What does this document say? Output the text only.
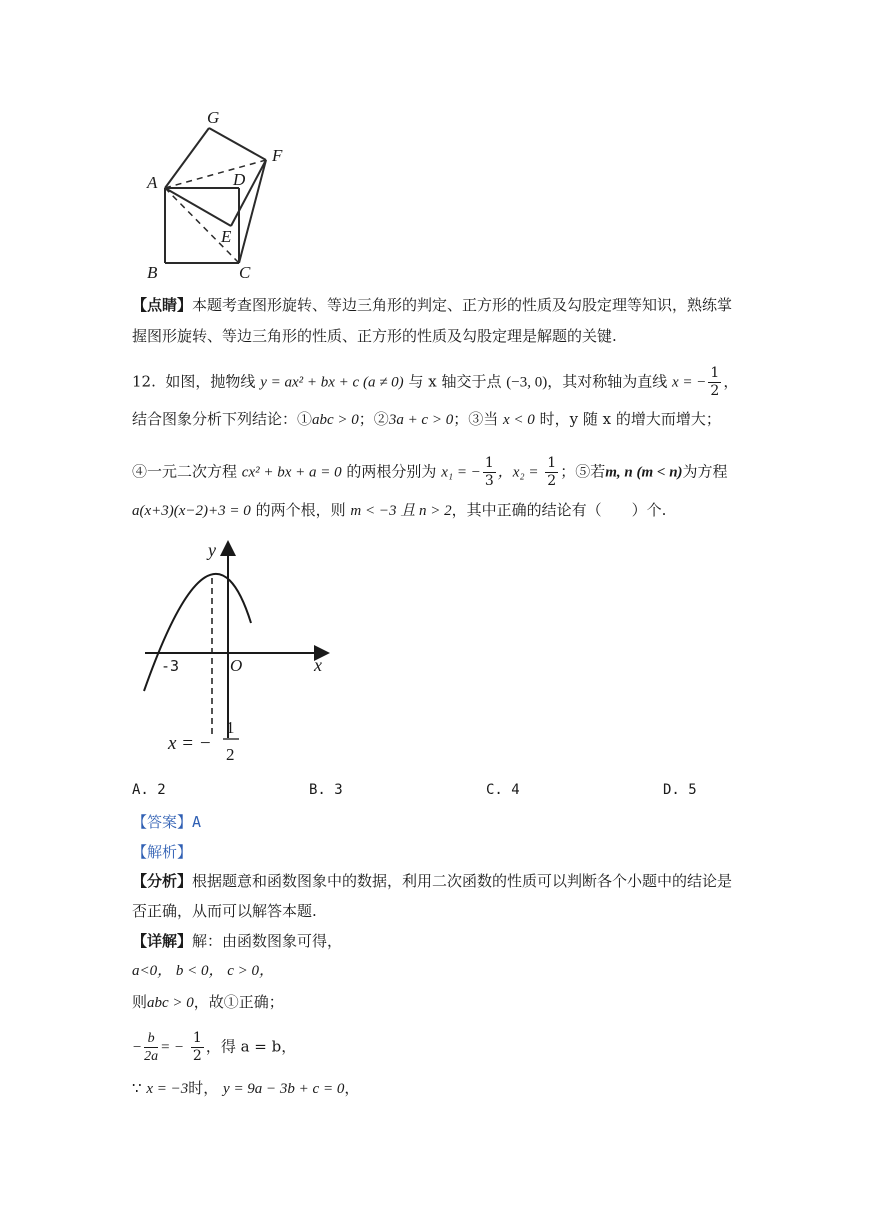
G
F
A	D
E
B	C
【点睛】本题考查图形旋转、等边三角形的判定、正方形的性质及勾股定理等知识，熟练掌
握图形旋转、等边三角形的性质、正方形的性质及勾股定理是解题的关键.
12. 如图，抛物线 y = ax² + bx + c (a ≠ 0) 与 x 轴交于点 (−3, 0)，其对称轴为直线 x = − $\frac{1}{2}$ ，
结合图象分析下列结论：①abc > 0；②3a + c > 0；③当 x < 0 时，y 随 x 的增大而增大；
④一元二次方程 cx² + bx + a = 0 的两根分别为 x₁ = − $\frac{1}{3}$ ，$x_2 = \frac{1}{2}$ ；⑤若m, n (m < n)为方程
a(x+3)(x−2)+3 = 0 的两个根，则 m < −3 且 n > 2，其中正确的结论有（　　）个.
y
x
O
-3
x = −
1
2
A. 2	B. 3	C. 4	D. 5
【答案】A
【解析】
【分析】根据题意和函数图象中的数据，利用二次函数的性质可以判断各个小题中的结论是
否正确，从而可以解答本题.
【详解】解：由函数图象可得，
a<0， b < 0， c > 0，
则abc > 0，故①正确；
− $\frac{b}{2a}$ = − $\frac{1}{2}$ ，得 a = b，
∵ x = −3时， y = 9a − 3b + c = 0，
